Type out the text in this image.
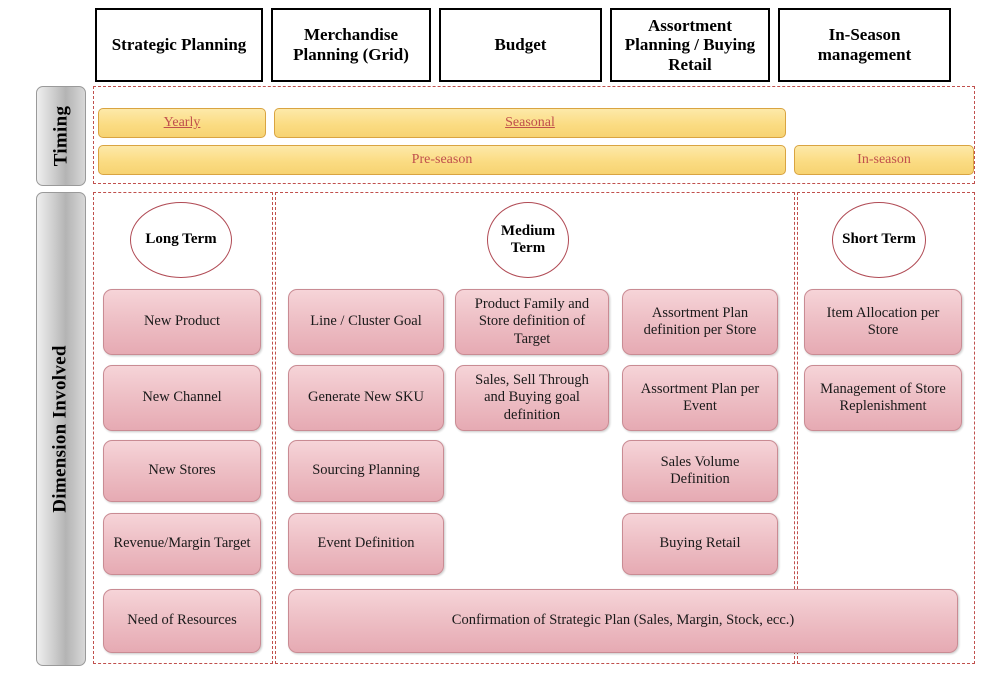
Strategic Planning
Merchandise Planning (Grid)
Budget
Assortment Planning / Buying Retail
In-Season management
Timing
Dimension Involved
Yearly	Seasonal
Pre-season	In-season
Long Term
Medium Term
Short Term
New Product
New Channel
New Stores
Revenue/Margin Target
Need of Resources
Line / Cluster Goal
Generate New SKU
Sourcing Planning
Event Definition
Product Family and Store definition of Target
Sales, Sell Through and Buying goal definition
Assortment Plan definition per Store
Assortment Plan per Event
Sales Volume Definition
Buying Retail
Item Allocation per Store
Management of Store Replenishment
Confirmation of Strategic Plan (Sales, Margin, Stock, ecc.)
